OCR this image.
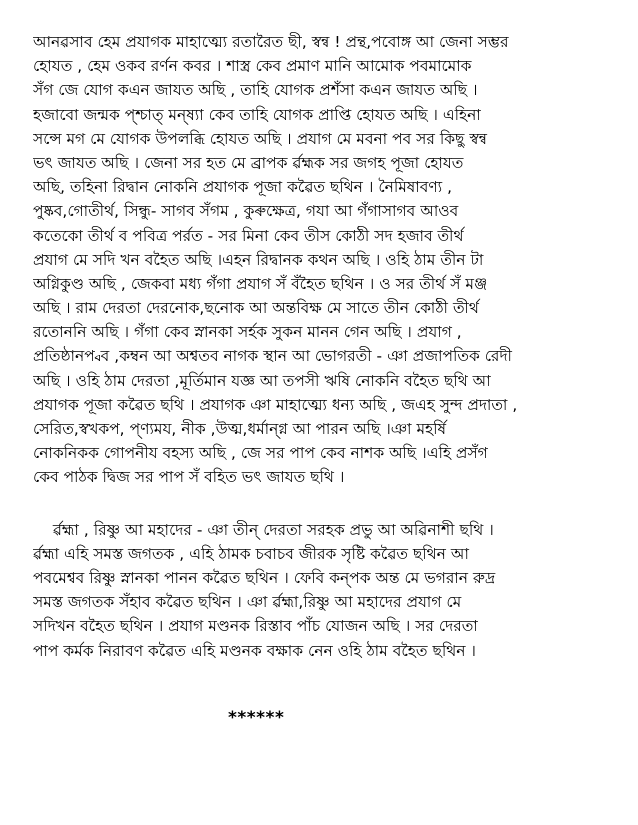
আনৱসাব হেম প্ৰযাগক মাহাত্ম্যে রতারৈত ছী, স্বন্ব ! প্ৰন্থ,পবোঙ্গ আ জেনা সম্ভর
হোযত , হেম ওকব রৰ্ণন কবর । শাস্ত্ৰ কেব প্ৰমাণ মানি আমোক পবমামোক
সঁগ জে যোগ কএন জাযত অছি , তাহি যোগক প্ৰশঁসা কএন জাযত অছি ।
হজাবো জন্মক প্শ্চাত্ মন্ষ্যা কেব তাহি যোগক প্ৰাপ্তি হোযত অছি । এহিনা
সন্সে মগ মে যোগক উপলব্ধি হোযত অছি । প্ৰযাগ মে মবনা পব সর কিছু স্বন্ব
ভৎ জাযত অছি । জেনা সর হত মে ব্ৰাপক ৰ্ৱহ্মক সর জগহ পূজা হোযত
অছি, তহিনা রিদ্বান নোকনি প্ৰযাগক পূজা কৱৈত ছথিন । নৈমিষাবণ্য ,
পুষ্কব,গোতীৰ্থ, সিন্ধু- সাগব সঁগম , কুৰুক্ষেত্ৰ, গযা আ গঁগাসাগব আওব
কতেকো তীৰ্থ ব পবিত্ৰ পৰ্রত - সর মিনা কেব তীস কোঠী সদ হজাব তীৰ্থ
প্ৰযাগ মে সদি খন বহৈত অছি ।এহন রিদ্বানক কথন অছি । ওহি ঠাম তীন টা
অগ্নিকুণ্ড অছি , জেকবা মধ্য গঁগা প্ৰযাগ সঁ বঁহৈত ছথিন । ও সর তীৰ্থ সঁ মঞ্জ
অছি । রাম দেরতা দেরনোক,ছনোক আ অন্তবিক্ষ মে সাতে তীন কোঠী তীৰ্থ
রতোননি অছি । গঁগা কেব স্নানকা সৰ্হক সুকন মানন গেন অছি । প্ৰযাগ ,
প্ৰতিষ্ঠানপ্বব ,কম্বন আ অশ্বতব নাগক স্থান আ ভোগরতী - ঞা প্ৰজাপতিক রেদী
অছি । ওহি ঠাম দেরতা ,মূৰ্তিমান যজ্ঞ আ তপসী ঋষি নোকনি বহৈত ছথি আ
প্ৰযাগক পূজা কৱৈত ছথি । প্ৰযাগক ঞা মাহাত্ম্যে ধন্য অছি , জএহ সুন্দ প্ৰদাতা ,
সেরিত,স্বখকপ, প্ণ্যময, নীক ,উত্ম,ধৰ্মান্গ্ন আ পারন অছি ।ঞা মহৰ্ষি
নোকনিকক গোপনীয বহস্য অছি , জে সর পাপ কেব নাশক অছি ।এহি প্ৰসঁগ
কেব পাঠক দ্বিজ সর পাপ সঁ বহিত ভৎ জাযত ছথি ।
ৰ্ৱহ্মা , রিষ্ণু আ মহাদের - ঞা তীন্ দেরতা সরহক প্ৰভু আ অৱিনাশী ছথি ।
ৰ্ৱহ্মা এহি সমস্ত জগতক , এহি ঠামক চবাচব জীরক সৃষ্টি কৱৈত ছথিন আ
পবমেশ্বব রিষ্ণু স্নানকা পানন কৱৈত ছথিন । ফেবি কন্পক অন্ত মে ভগরান রুদ্ৰ
সমস্ত জগতক সঁহাব কৱৈত ছথিন । ঞা ৰ্ৱহ্মা,রিষ্ণু আ মহাদের প্ৰযাগ মে
সদিখন বহৈত ছথিন । প্ৰযাগ মণ্ডনক রিস্তাব পাঁচ যোজন অছি । সর দেরতা
পাপ কৰ্মক নিরাবণ কৱৈত এহি মণ্ডনক বক্ষাক নেন ওহি ঠাম বহৈত ছথিন ।
******
